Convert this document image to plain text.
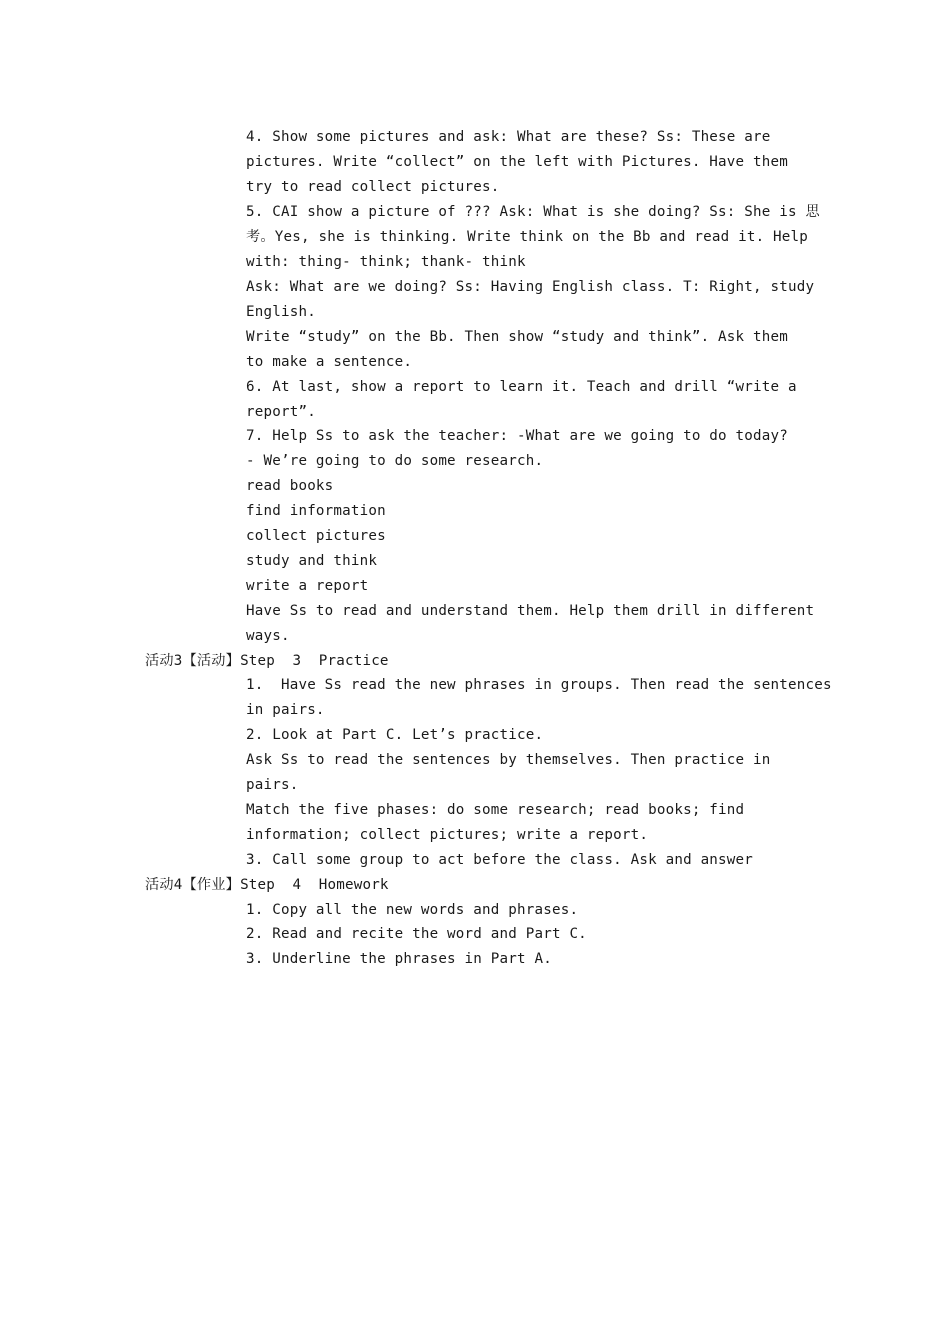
4. Show some pictures and ask: What are these? Ss: These are
pictures. Write “collect” on the left with Pictures. Have them
try to read collect pictures.
5. CAI show a picture of ??? Ask: What is she doing? Ss: She is 思
考。Yes, she is thinking. Write think on the Bb and read it. Help
with: thing- think; thank- think
Ask: What are we doing? Ss: Having English class. T: Right, study
English.
Write “study” on the Bb. Then show “study and think”. Ask them
to make a sentence.
6. At last, show a report to learn it. Teach and drill “write a
report”.
7. Help Ss to ask the teacher: -What are we going to do today?
- We’re going to do some research.
read books
find information
collect pictures
study and think
write a report
Have Ss to read and understand them. Help them drill in different
ways.
活动3【活动】Step  3  Practice
1.  Have Ss read the new phrases in groups. Then read the sentences
in pairs.
2. Look at Part C. Let’s practice.
Ask Ss to read the sentences by themselves. Then practice in
pairs.
Match the five phases: do some research; read books; find
information; collect pictures; write a report.
3. Call some group to act before the class. Ask and answer
活动4【作业】Step  4  Homework
1. Copy all the new words and phrases.
2. Read and recite the word and Part C.
3. Underline the phrases in Part A.
